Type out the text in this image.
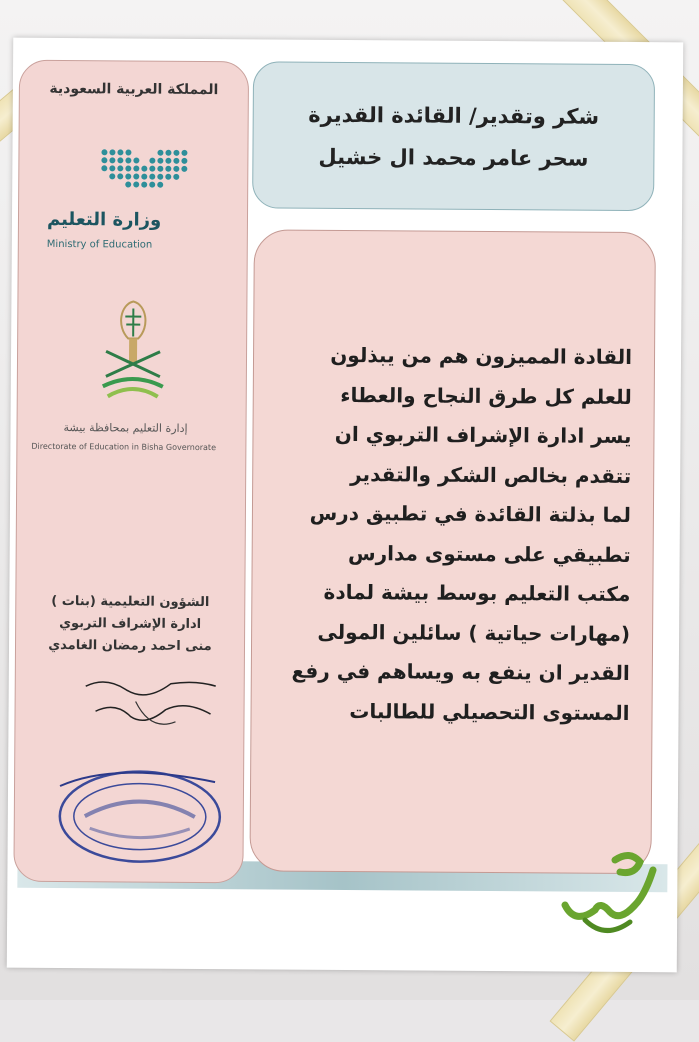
المملكة العربية السعودية
وزارة التعليم
Ministry of Education
إدارة التعليم بمحافظة بيشة
Directorate of Education in Bisha Governorate
الشؤون التعليمية (بنات )
ادارة الإشراف التربوي
منى احمد رمضان الغامدي
شكر وتقدير/ القائدة القديرة
سحر عامر محمد ال خشيل
القادة المميزون هم من يبذلون
للعلم كل طرق النجاح والعطاء
يسر ادارة الإشراف التربوي ان
تتقدم بخالص الشكر والتقدير
لما بذلتة القائدة في تطبيق درس
تطبيقي على مستوى مدارس
مكتب التعليم بوسط بيشة لمادة
(مهارات حياتية ) سائلين المولى
القدير ان ينفع به ويساهم في رفع
المستوى التحصيلي للطالبات
